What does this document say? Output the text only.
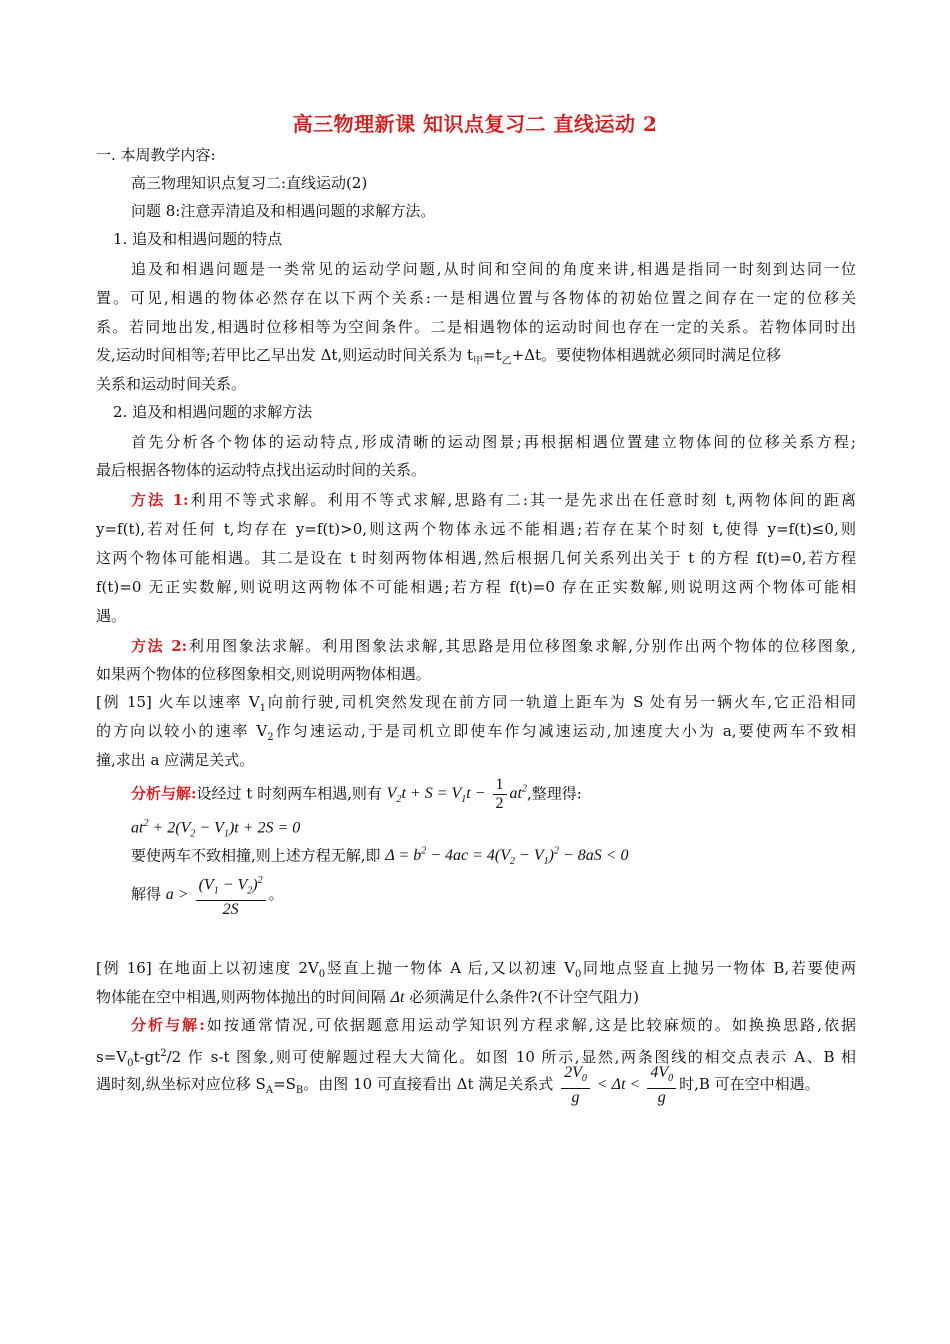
高三物理新课 知识点复习二 直线运动 2
一. 本周教学内容:
高三物理知识点复习二:直线运动(2)
问题 8:注意弄清追及和相遇问题的求解方法。
1. 追及和相遇问题的特点
追及和相遇问题是一类常见的运动学问题,从时间和空间的角度来讲,相遇是指同一时刻到达同一位
置。可见,相遇的物体必然存在以下两个关系:一是相遇位置与各物体的初始位置之间存在一定的位移关
系。若同地出发,相遇时位移相等为空间条件。二是相遇物体的运动时间也存在一定的关系。若物体同时出
发,运动时间相等;若甲比乙早出发 Δt,则运动时间关系为 $t_甲=t_乙+\Delta t$。要使物体相遇就必须同时满足位移
关系和运动时间关系。
2. 追及和相遇问题的求解方法
首先分析各个物体的运动特点,形成清晰的运动图景;再根据相遇位置建立物体间的位移关系方程;
最后根据各物体的运动特点找出运动时间的关系。
方法 1:利用不等式求解。利用不等式求解,思路有二:其一是先求出在任意时刻 t,两物体间的距离
y=f(t),若对任何 t,均存在 y=f(t)>0,则这两个物体永远不能相遇;若存在某个时刻 t,使得 y=f(t)≤0,则
这两个物体可能相遇。其二是设在 t 时刻两物体相遇,然后根据几何关系列出关于 t 的方程 f(t)=0,若方程
f(t)=0 无正实数解,则说明这两物体不可能相遇;若方程 f(t)=0 存在正实数解,则说明这两个物体可能相
遇。
方法 2:利用图象法求解。利用图象法求解,其思路是用位移图象求解,分别作出两个物体的位移图象,
如果两个物体的位移图象相交,则说明两物体相遇。
[例 15] 火车以速率 $V_1$向前行驶,司机突然发现在前方同一轨道上距车为 S 处有另一辆火车,它正沿相同
的方向以较小的速率 $V_2$作匀速运动,于是司机立即使车作匀减速运动,加速度大小为 a,要使两车不致相
撞,求出 a 应满足关式。
分析与解:设经过 t 时刻两车相遇,则有 $V_2t + S = V_1t - \frac{1}{2} at^2$,整理得:
$at^2 + 2(V_2 - V_1)t + 2S = 0$
要使两车不致相撞,则上述方程无解,即 $\Delta = b^2 - 4ac = 4(V_2 - V_1)^2 - 8aS < 0$
解得 $a > \frac{(V_1 - V_2)^2}{2S}$ 。
[例 16] 在地面上以初速度 $2V_0$竖直上抛一物体 A 后,又以初速 $V_0$同地点竖直上抛另一物体 B,若要使两
物体能在空中相遇,则两物体抛出的时间间隔 Δt 必须满足什么条件?(不计空气阻力)
分析与解:如按通常情况,可依据题意用运动学知识列方程求解,这是比较麻烦的。如换换思路,依据
$s=V_0t-gt^2/2$ 作 s-t 图象,则可使解题过程大大简化。如图 10 所示,显然,两条图线的相交点表示 A、B 相
遇时刻,纵坐标对应位移 $S_A=S_B$。由图 10 可直接看出 Δt 满足关系式 $\frac{2V_0}{g} < \Delta t < \frac{4V_0}{g}$ 时,B 可在空中相遇。
